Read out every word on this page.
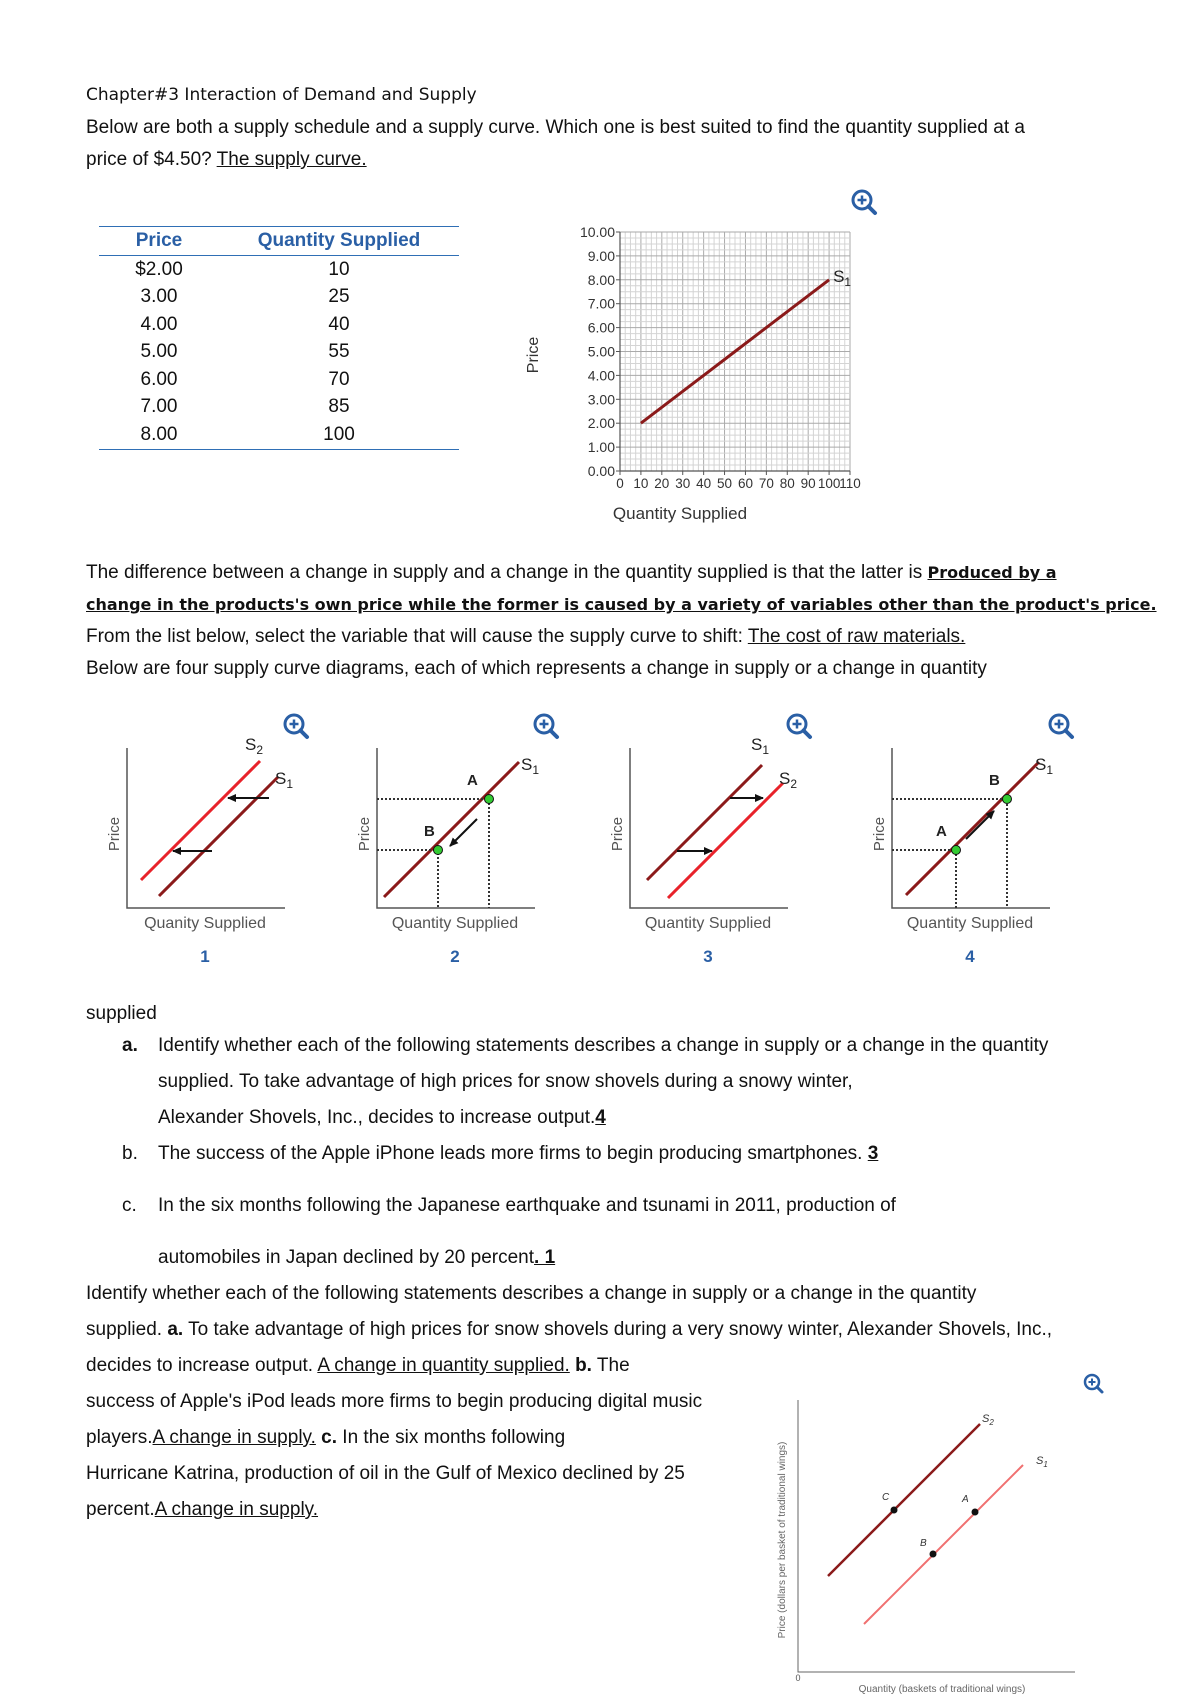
Chapter#3 Interaction of Demand and Supply
Below are both a supply schedule and a supply curve. Which one is best suited to find the quantity supplied at a
price of $4.50? The supply curve.
Price	Quantity Supplied
$2.00	10
3.00	25
4.00	40
5.00	55
6.00	70
7.00	85
8.00	100
0.00
1.00
2.00
3.00
4.00
5.00
6.00
7.00
8.00
9.00
10.00
0 10 20 30 40 50 60 70 80 90 100
110
$S_1$
Quantity Supplied
Price
The difference between a change in supply and a change in the quantity supplied is that the latter is Produced by a
change in the products's own price while the former is caused by a variety of variables other than the product's price.
From the list below, select the variable that will cause the supply curve to shift: The cost of raw materials.
Below are four supply curve diagrams, each of which represents a change in supply or a change in quantity
Price
$S_2$
$S_1$
Quanity Supplied
1
Price
A
B
$S_1$
Quantity Supplied
2
Price
$S_1$
$S_2$
Quantity Supplied
3
Price
B
A
$S_1$
Quantity Supplied
4
supplied
a. Identify whether each of the following statements describes a change in supply or a change in the quantity
supplied. To take advantage of high prices for snow shovels during a snowy winter,
Alexander Shovels, Inc., decides to increase output.4
b. The success of the Apple iPhone leads more firms to begin producing smartphones. 3
c. In the six months following the Japanese earthquake and tsunami in 2011, production of
automobiles in Japan declined by 20 percent. 1
Identify whether each of the following statements describes a change in supply or a change in the quantity
supplied. a. To take advantage of high prices for snow shovels during a very snowy winter, Alexander Shovels, Inc.,
decides to increase output. A change in quantity supplied. b. The
success of Apple's iPod leads more firms to begin producing digital music
players.A change in supply. c. In the six months following
Hurricane Katrina, production of oil in the Gulf of Mexico declined by 25
percent.A change in supply.
0
Price (dollars per basket of traditional wings)
Quantity (baskets of traditional wings)
$S_2$
$S_1$
C
B
A
